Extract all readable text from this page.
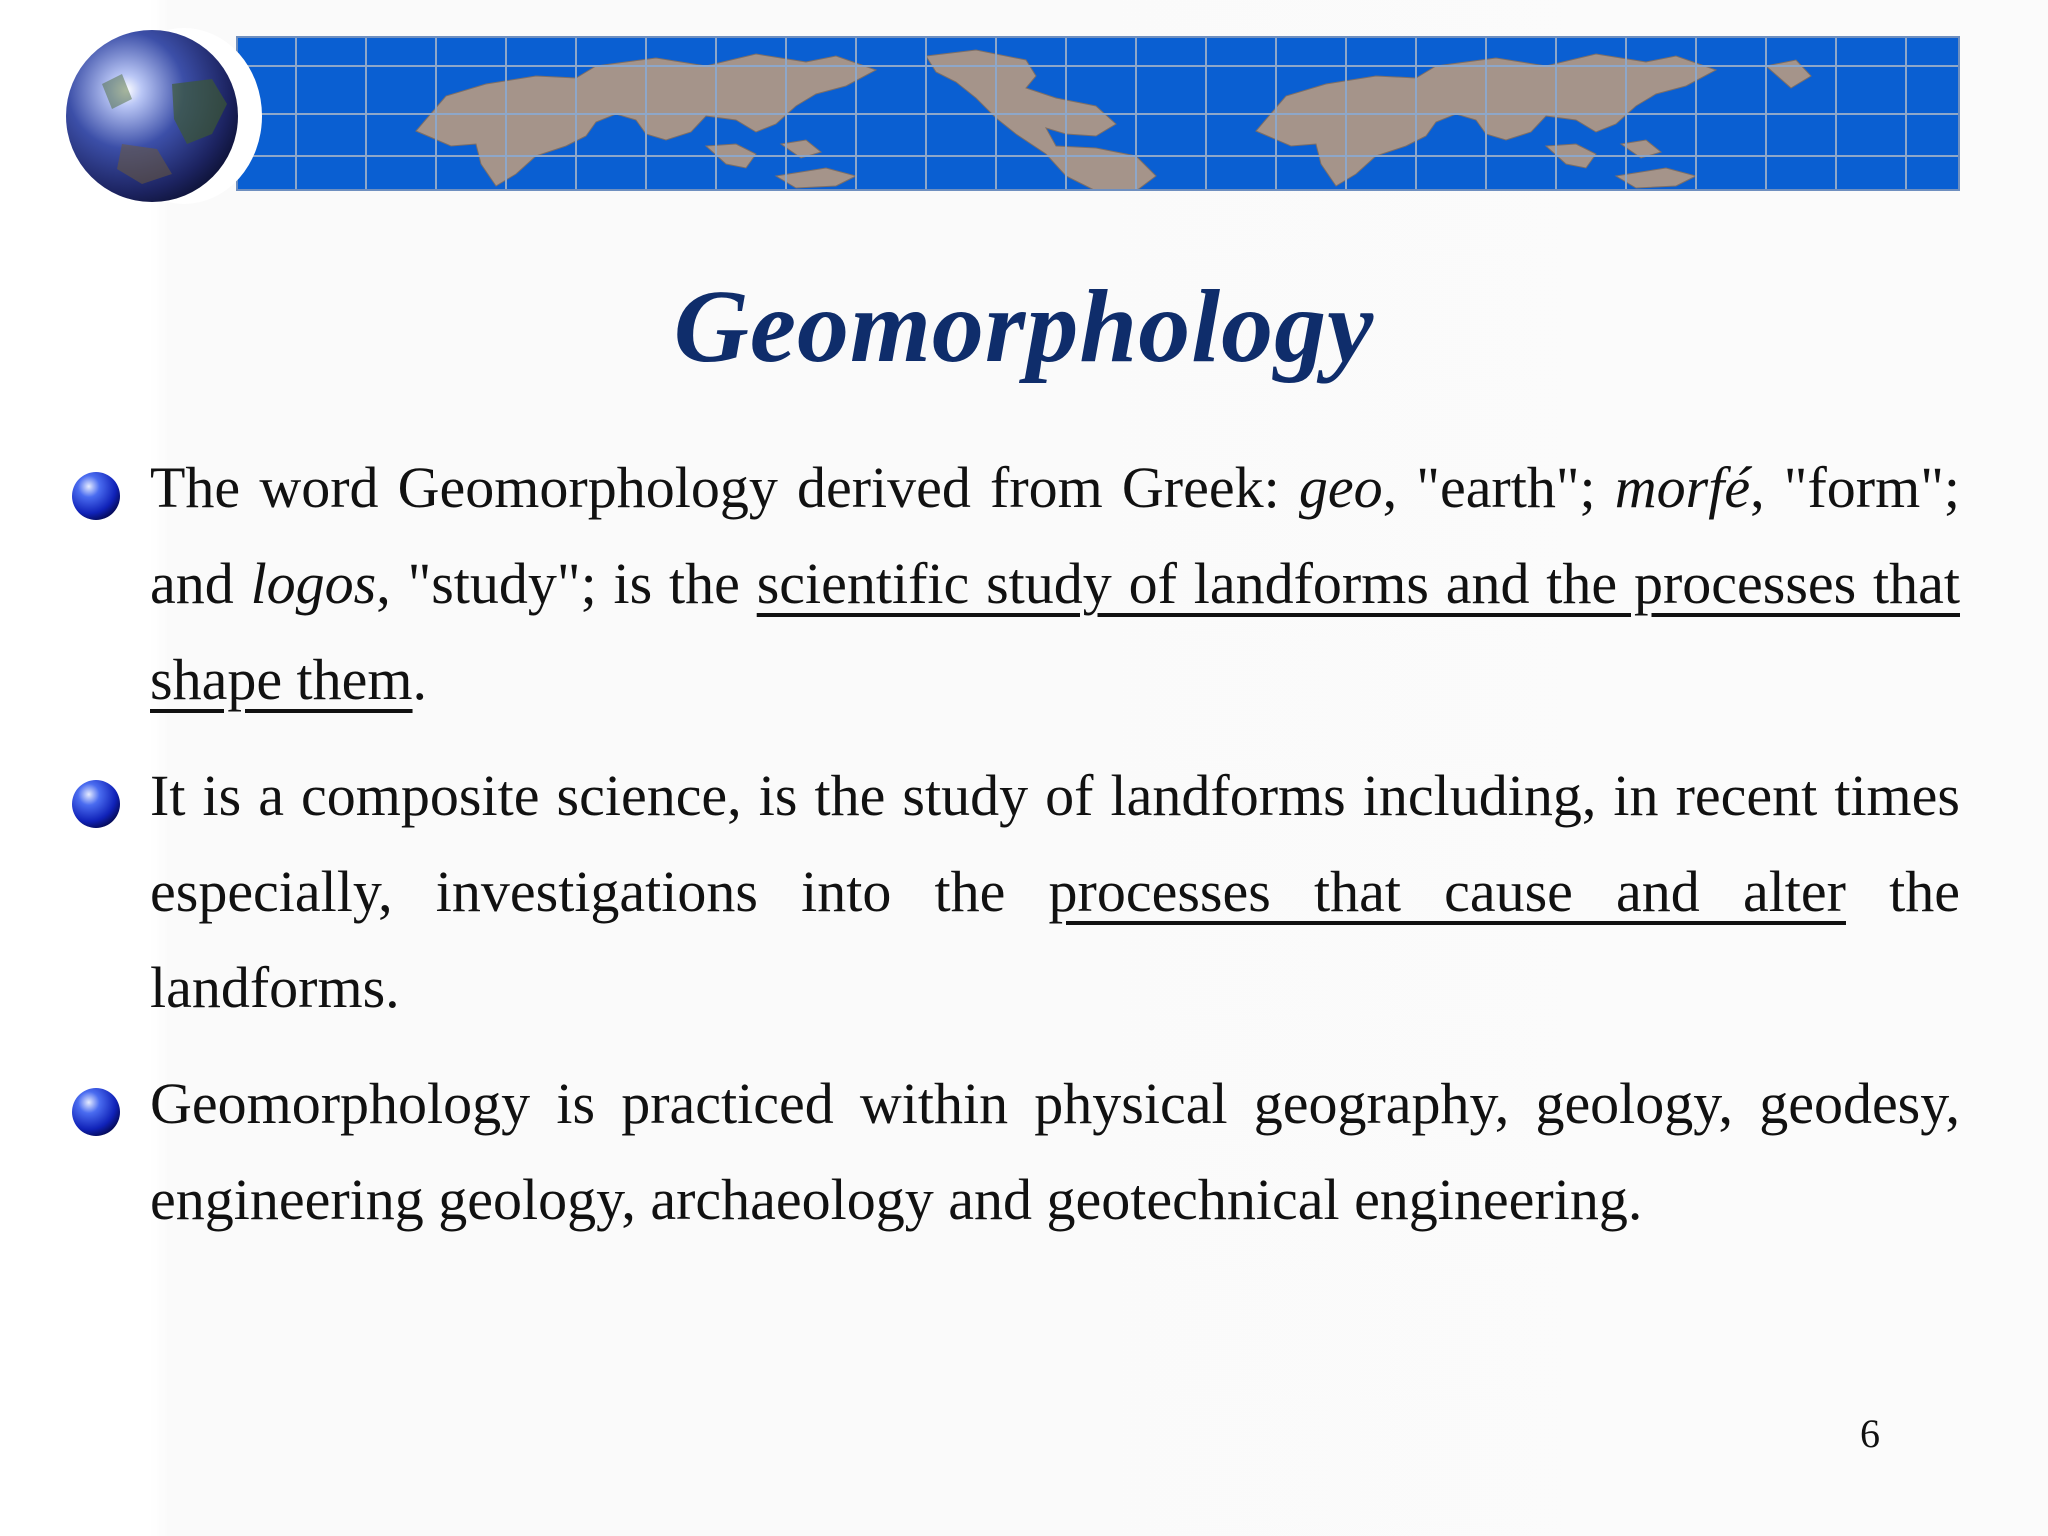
Geomorphology
The word Geomorphology derived from Greek: geo, "earth"; morfé, "form"; and logos, "study"; is the scientific study of landforms and the processes that shape them.
It is a composite science, is the study of landforms including, in recent times especially, investigations into the processes that cause and alter the landforms.
Geomorphology is practiced within physical geography, geology, geodesy, engineering geology, archaeology and geotechnical engineering.
6
